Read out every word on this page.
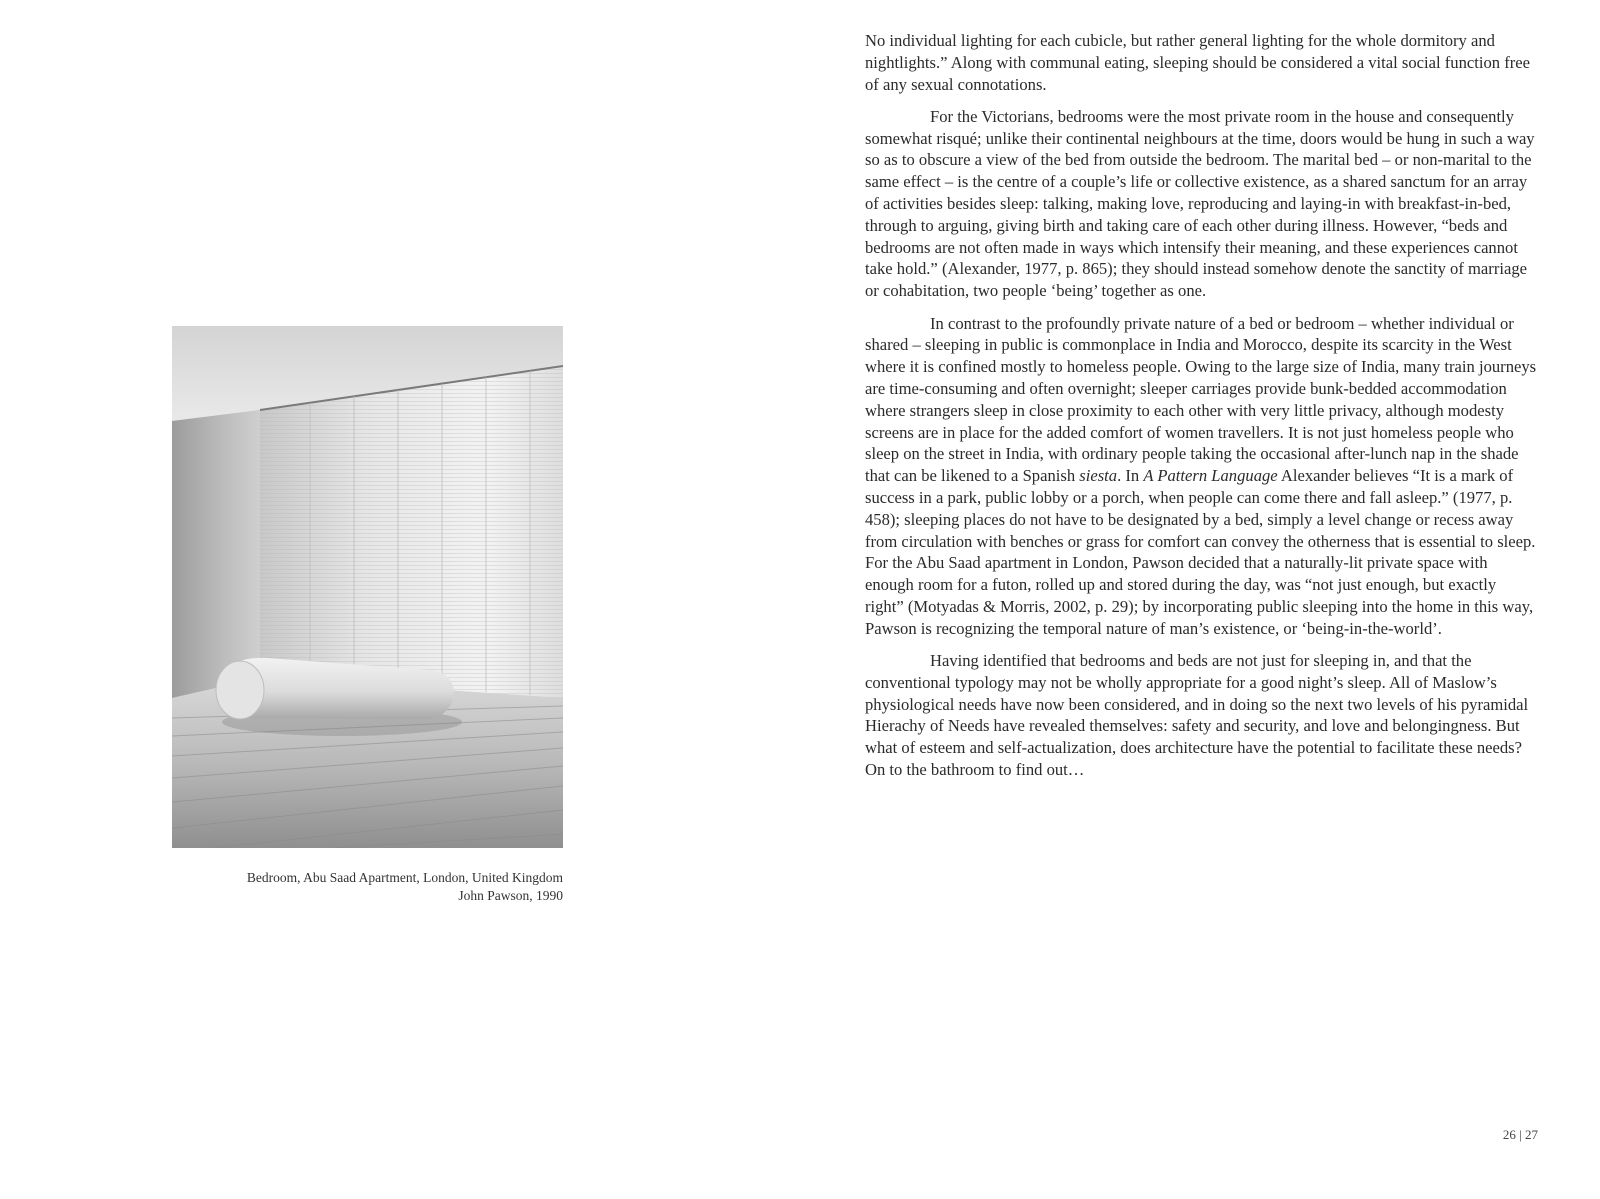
Bedroom, Abu Saad Apartment, London, United Kingdom
John Pawson, 1990

No individual lighting for each cubicle, but rather general lighting for the whole dormitory and nightlights.” Along with communal eating, sleeping should be considered a vital social function free of any sexual connotations.

For the Victorians, bedrooms were the most private room in the house and consequently somewhat risqué; unlike their continental neighbours at the time, doors would be hung in such a way so as to obscure a view of the bed from outside the bedroom. The marital bed – or non-marital to the same effect – is the centre of a couple’s life or collective existence, as a shared sanctum for an array of activities besides sleep: talking, making love, reproducing and laying-in with breakfast-in-bed, through to arguing, giving birth and taking care of each other during illness. However, “beds and bedrooms are not often made in ways which intensify their meaning, and these experiences cannot take hold.” (Alexander, 1977, p. 865); they should instead somehow denote the sanctity of marriage or cohabitation, two people ‘being’ together as one.

In contrast to the profoundly private nature of a bed or bedroom – whether individual or shared – sleeping in public is commonplace in India and Morocco, despite its scarcity in the West where it is confined mostly to homeless people. Owing to the large size of India, many train journeys are time-consuming and often overnight; sleeper carriages provide bunk-bedded accommodation where strangers sleep in close proximity to each other with very little privacy, although modesty screens are in place for the added comfort of women travellers. It is not just homeless people who sleep on the street in India, with ordinary people taking the occasional after-lunch nap in the shade that can be likened to a Spanish siesta. In A Pattern Language Alexander believes “It is a mark of success in a park, public lobby or a porch, when people can come there and fall asleep.” (1977, p. 458); sleeping places do not have to be designated by a bed, simply a level change or recess away from circulation with benches or grass for comfort can convey the otherness that is essential to sleep. For the Abu Saad apartment in London, Pawson decided that a naturally-lit private space with enough room for a futon, rolled up and stored during the day, was “not just enough, but exactly right” (Motyadas & Morris, 2002, p. 29); by incorporating public sleeping into the home in this way, Pawson is recognizing the temporal nature of man’s existence, or ‘being-in-the-world’.

Having identified that bedrooms and beds are not just for sleeping in, and that the conventional typology may not be wholly appropriate for a good night’s sleep. All of Maslow’s physiological needs have now been considered, and in doing so the next two levels of his pyramidal Hierachy of Needs have revealed themselves: safety and security, and love and belongingness. But what of esteem and self-actualization, does architecture have the potential to facilitate these needs? On to the bathroom to find out…

26 | 27
